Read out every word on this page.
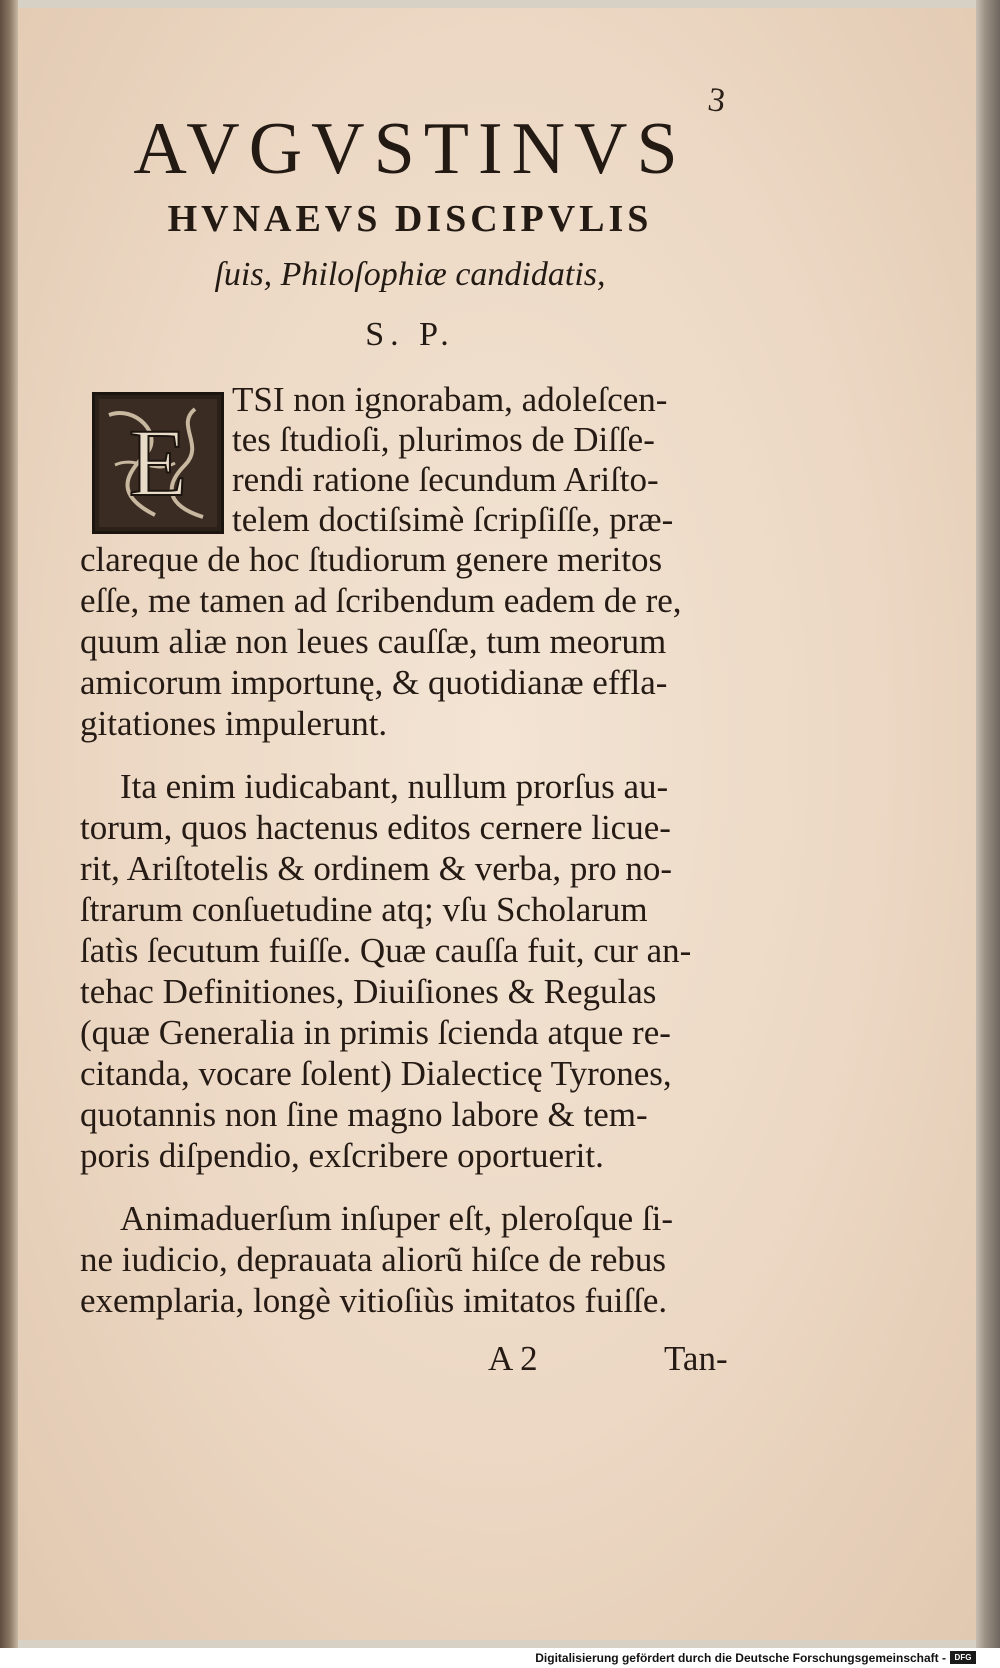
3
AVGVSTINVS
HVNAEVS DISCIPVLIS
ſuis, Philoſophiæ candidatis,
S. P.
E
TSI non ignorabam, adoleſcen-
tes ſtudioſi, plurimos de Diſſe-
rendi ratione ſecundum Ariſto-
telem doctiſsimè ſcripſiſſe, præ-
clareque de hoc ſtudiorum genere meritos
eſſe, me tamen ad ſcribendum eadem de re,
quum aliæ non leues cauſſæ, tum meorum
amicorum importunę, & quotidianæ effla-
gitationes impulerunt.
Ita enim iudicabant, nullum prorſus au-
torum, quos hactenus editos cernere licue-
rit, Ariſtotelis & ordinem & verba, pro no-
ſtrarum conſuetudine atq; vſu Scholarum
ſatìs ſecutum fuiſſe. Quæ cauſſa fuit, cur an-
tehac Definitiones, Diuiſiones & Regulas
(quæ Generalia in primis ſcienda atque re-
citanda, vocare ſolent) Dialecticę Tyrones,
quotannis non ſine magno labore & tem-
poris diſpendio, exſcribere oportuerit.
Animaduerſum inſuper eſt, pleroſque ſi-
ne iudicio, deprauata aliorũ hiſce de rebus
exemplaria, longè vitioſiùs imitatos fuiſſe.
A 2	Tan-
Digitalisierung gefördert durch die Deutsche Forschungsgemeinschaft -	DFG
